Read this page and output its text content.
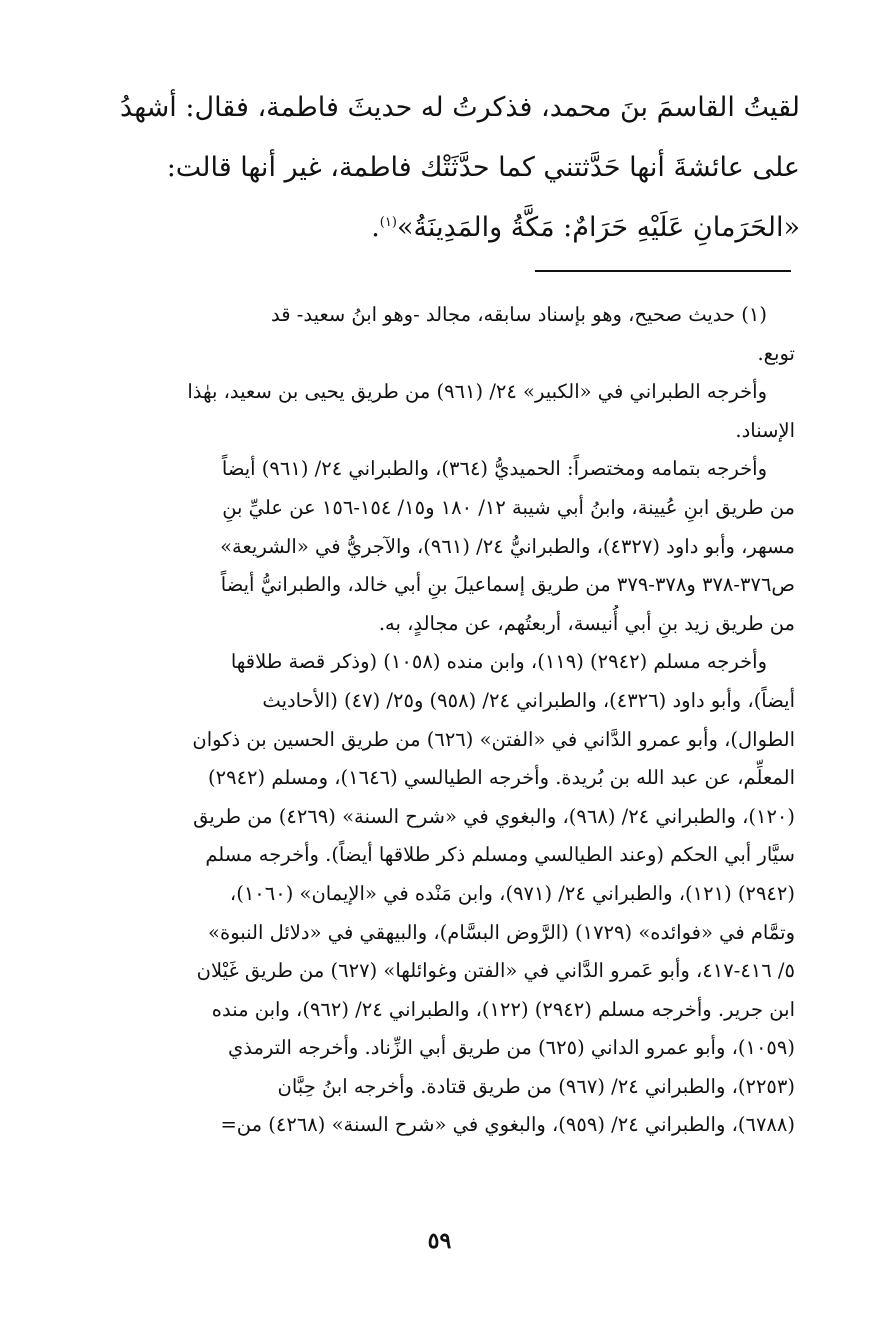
لقيتُ القاسمَ بنَ محمد، فذكرتُ له حديثَ فاطمة، فقال: أشهدُ
على عائشةَ أنها حَدَّثتني كما حدَّثَتْك فاطمة، غير أنها قالت:
«الحَرَمانِ عَلَيْهِ حَرَامٌ: مَكَّةُ والمَدِينَةُ»$^{(١)}$.
(١) حديث صحيح، وهو بإسناد سابقه، مجالد -وهو ابنُ سعيد- قد
توبع.
وأخرجه الطبراني في «الكبير» ٢٤/ (٩٦١) من طريق يحيى بن سعيد، بهٰذا
الإسناد.
وأخرجه بتمامه ومختصراً: الحميديُّ (٣٦٤)، والطبراني ٢٤/ (٩٦١) أيضاً
من طريق ابنِ عُيينة، وابنُ أبي شيبة ١٢/ ١٨٠ و١٥/ ١٥٤-١٥٦ عن عليِّ بنِ
مسهر، وأبو داود (٤٣٢٧)، والطبرانيُّ ٢٤/ (٩٦١)، والآجريُّ في «الشريعة»
ص٣٧٦-٣٧٨ و٣٧٨-٣٧٩ من طريق إسماعيلَ بنِ أبي خالد، والطبرانيُّ أيضاً
من طريق زيد بنِ أبي أُنيسة، أربعتُهم، عن مجالدٍ، به.
وأخرجه مسلم (٢٩٤٢) (١١٩)، وابن منده (١٠٥٨) (وذكر قصة طلاقها
أيضاً)، وأبو داود (٤٣٢٦)، والطبراني ٢٤/ (٩٥٨) و٢٥/ (٤٧) (الأحاديث
الطوال)، وأبو عمرو الدَّاني في «الفتن» (٦٢٦) من طريق الحسين بن ذكوان
المعلِّم، عن عبد الله بن بُريدة. وأخرجه الطيالسي (١٦٤٦)، ومسلم (٢٩٤٢)
(١٢٠)، والطبراني ٢٤/ (٩٦٨)، والبغوي في «شرح السنة» (٤٢٦٩) من طريق
سيَّار أبي الحكم (وعند الطيالسي ومسلم ذكر طلاقها أيضاً). وأخرجه مسلم
(٢٩٤٢) (١٢١)، والطبراني ٢٤/ (٩٧١)، وابن مَنْده في «الإيمان» (١٠٦٠)،
وتمَّام في «فوائده» (١٧٢٩) (الرَّوض البسَّام)، والبيهقي في «دلائل النبوة»
٥/ ٤١٦-٤١٧، وأبو عَمرو الدَّاني في «الفتن وغوائلها» (٦٢٧) من طريق غَيْلان
ابن جرير. وأخرجه مسلم (٢٩٤٢) (١٢٢)، والطبراني ٢٤/ (٩٦٢)، وابن منده
(١٠٥٩)، وأبو عمرو الداني (٦٢٥) من طريق أبي الزِّناد. وأخرجه الترمذي
(٢٢٥٣)، والطبراني ٢٤/ (٩٦٧) من طريق قتادة. وأخرجه ابنُ حِبَّان
(٦٧٨٨)، والطبراني ٢٤/ (٩٥٩)، والبغوي في «شرح السنة» (٤٢٦٨) من=
٥٩
